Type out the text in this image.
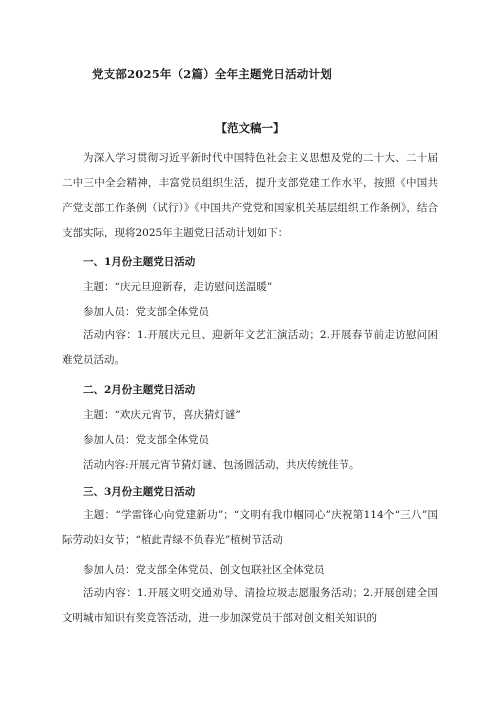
党支部2025年（2篇）全年主题党日活动计划
【范文稿一】

为深入学习贯彻习近平新时代中国特色社会主义思想及党的二十大、二十届二中三中全会精神，丰富党员组织生活，提升支部党建工作水平，按照《中国共产党支部工作条例（试行）》《中国共产党党和国家机关基层组织工作条例》，结合支部实际，现将2025年主题党日活动计划如下：

一、1月份主题党日活动
主题：“庆元旦迎新春，走访慰问送温暖”
参加人员：党支部全体党员

活动内容：1.开展庆元旦、迎新年文艺汇演活动；2.开展春节前走访慰问困难党员活动。

二、2月份主题党日活动
主题：“欢庆元宵节，喜庆猜灯谜”
参加人员：党支部全体党员
活动内容:开展元宵节猜灯谜、包汤圆活动，共庆传统佳节。
三、3月份主题党日活动

主题：“学雷锋心向党建新功”；“文明有我巾帼同心”庆祝第114个“三八”国际劳动妇女节；“植此青绿不负春光”植树节活动

参加人员：党支部全体党员、创文包联社区全体党员

活动内容：1.开展文明交通劝导、清捡垃圾志愿服务活动；2.开展创建全国文明城市知识有奖竞答活动，进一步加深党员干部对创文相关知识的
